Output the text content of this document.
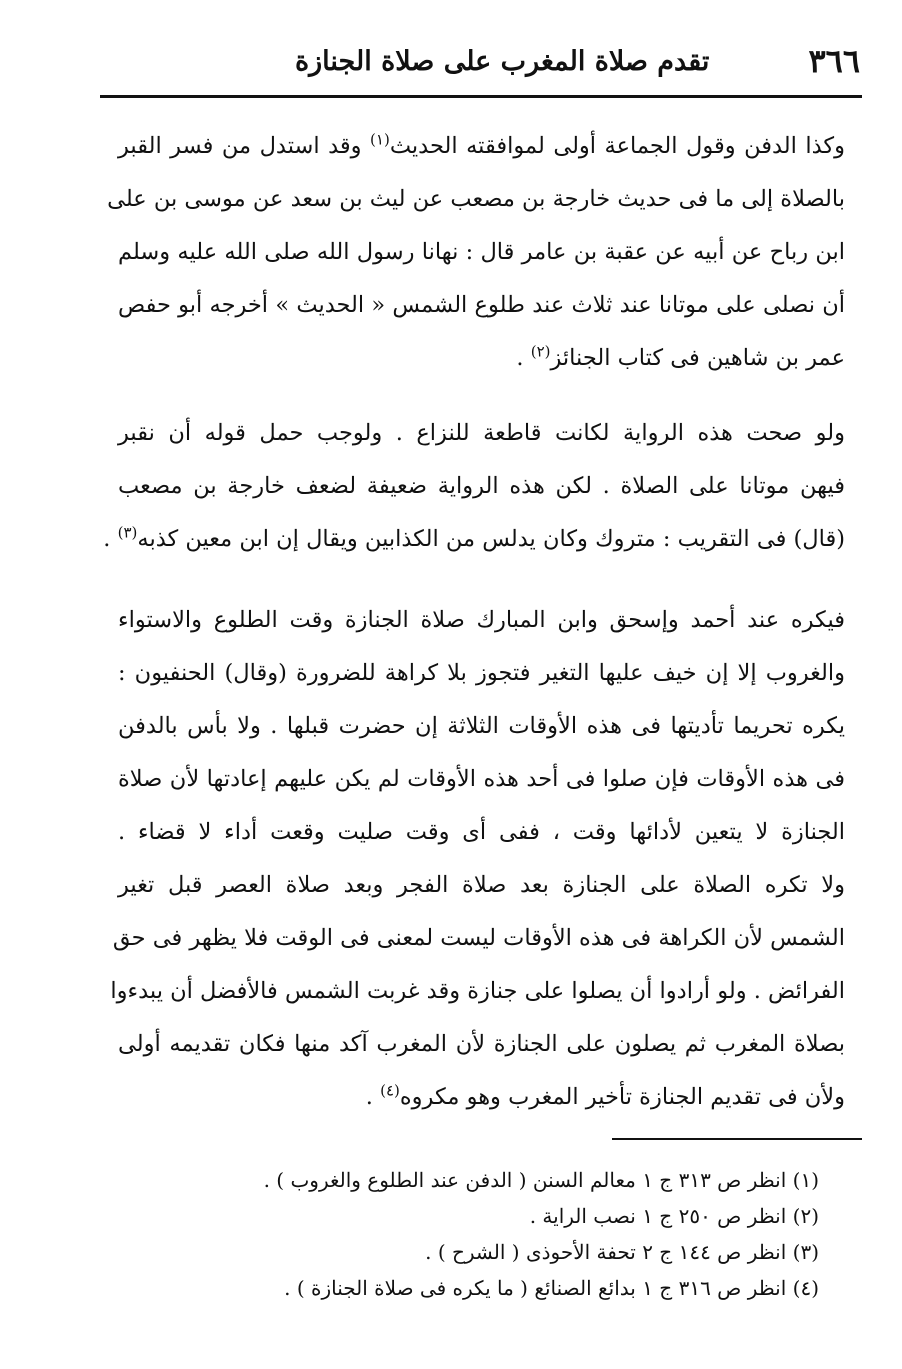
٣٦٦
تقدم صلاة المغرب على صلاة الجنازة
وكذا الدفن وقول الجماعة أولى لموافقته الحديث$^{(١)}$ وقد استدل من فسر القبر
بالصلاة إلى ما فى حديث خارجة بن مصعب عن ليث بن سعد عن موسى بن على
ابن رباح عن أبيه عن عقبة بن عامر قال : نهانا رسول الله صلى الله عليه وسلم
أن نصلى على موتانا عند ثلاث عند طلوع الشمس « الحديث » أخرجه أبو حفص
عمر بن شاهين فى كتاب الجنائز$^{(٢)}$ .
ولو صحت هذه الرواية لكانت قاطعة للنزاع . ولوجب حمل قوله أن نقبر
فيهن موتانا على الصلاة . لكن هذه الرواية ضعيفة لضعف خارجة بن مصعب
(قال) فى التقريب : متروك وكان يدلس من الكذابين ويقال إن ابن معين كذبه$^{(٣)}$ .
فيكره عند أحمد وإسحق وابن المبارك صلاة الجنازة وقت الطلوع والاستواء
والغروب إلا إن خيف عليها التغير فتجوز بلا كراهة للضرورة (وقال) الحنفيون :
يكره تحريما تأديتها فى هذه الأوقات الثلاثة إن حضرت قبلها . ولا بأس بالدفن
فى هذه الأوقات فإن صلوا فى أحد هذه الأوقات لم يكن عليهم إعادتها لأن صلاة
الجنازة لا يتعين لأدائها وقت ، ففى أى وقت صليت وقعت أداء لا قضاء .
ولا تكره الصلاة على الجنازة بعد صلاة الفجر وبعد صلاة العصر قبل تغير
الشمس لأن الكراهة فى هذه الأوقات ليست لمعنى فى الوقت فلا يظهر فى حق
الفرائض . ولو أرادوا أن يصلوا على جنازة وقد غربت الشمس فالأفضل أن يبدءوا
بصلاة المغرب ثم يصلون على الجنازة لأن المغرب آكد منها فكان تقديمه أولى
ولأن فى تقديم الجنازة تأخير المغرب وهو مكروه$^{(٤)}$ .
(١) انظر ص ٣١٣ ج ١ معالم السنن ( الدفن عند الطلوع والغروب ) .
(٢) انظر ص ٢٥٠ ج ١ نصب الراية .
(٣) انظر ص ١٤٤ ج ٢ تحفة الأحوذى ( الشرح ) .
(٤) انظر ص ٣١٦ ج ١ بدائع الصنائع ( ما يكره فى صلاة الجنازة ) .
